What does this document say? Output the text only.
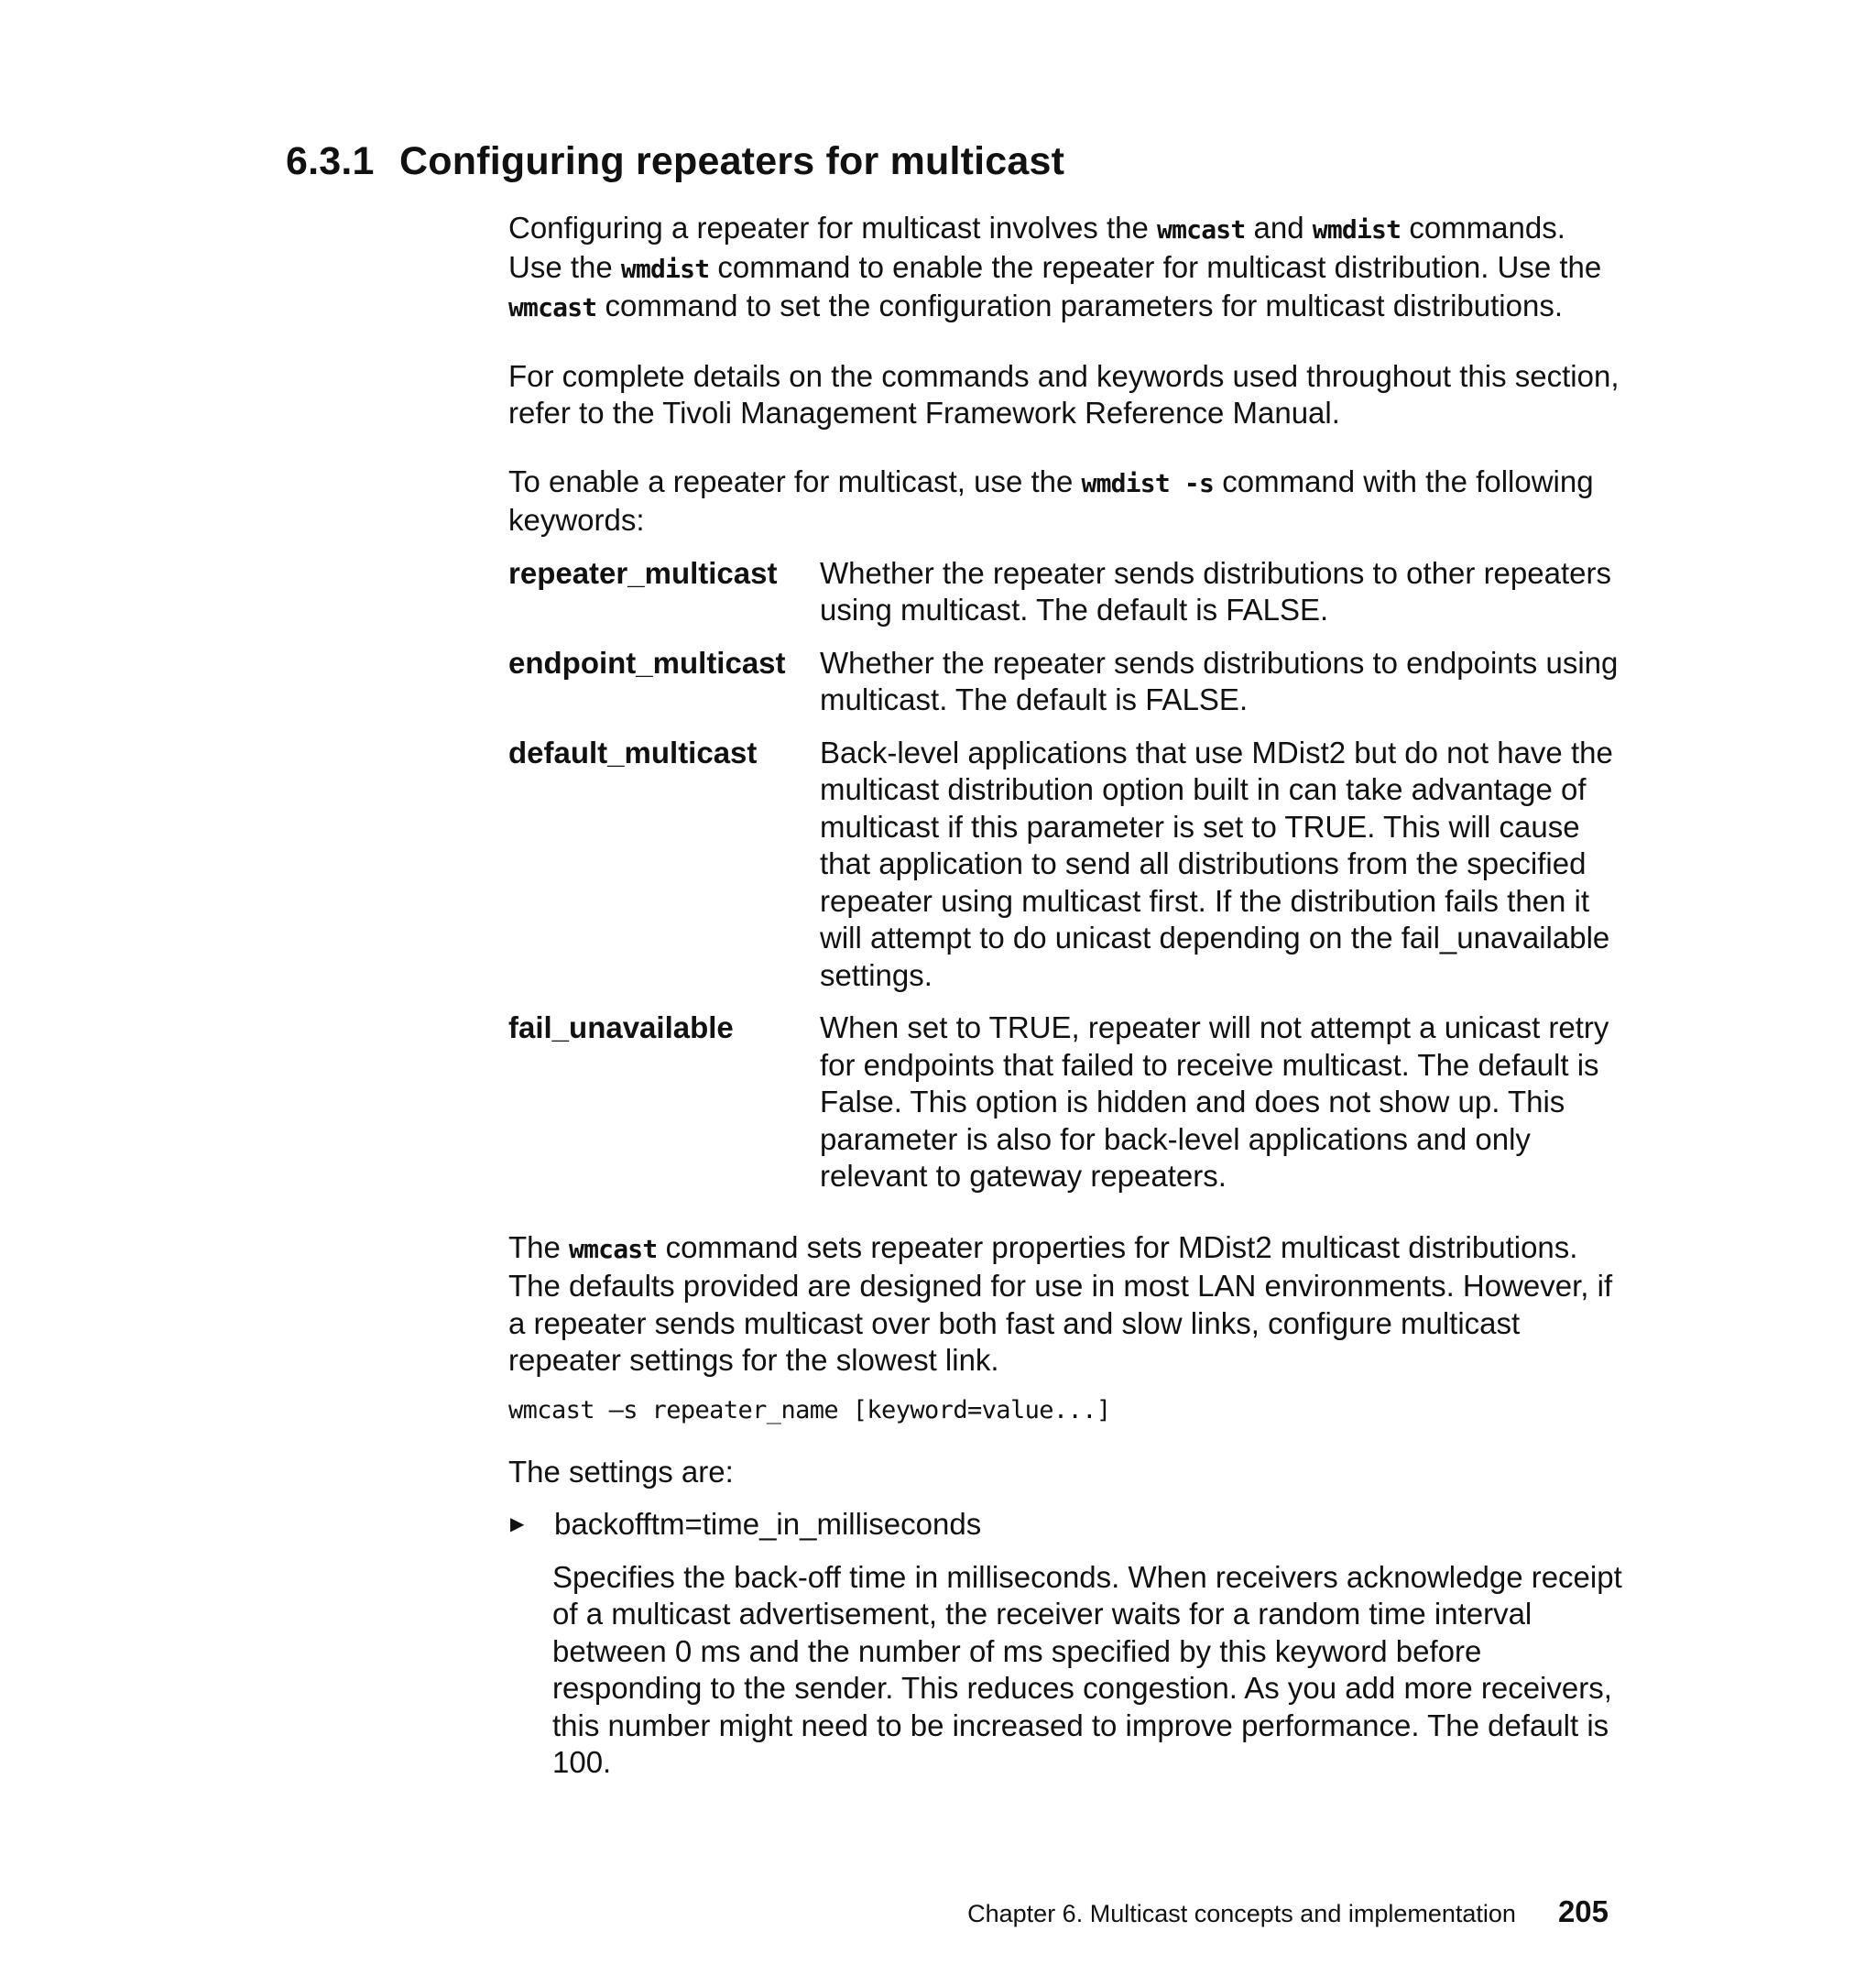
6.3.1 Configuring repeaters for multicast

Configuring a repeater for multicast involves the wmcast and wmdist commands. Use the wmdist command to enable the repeater for multicast distribution. Use the wmcast command to set the configuration parameters for multicast distributions.

For complete details on the commands and keywords used throughout this section, refer to the Tivoli Management Framework Reference Manual.

To enable a repeater for multicast, use the wmdist -s command with the following keywords:

repeater_multicast	Whether the repeater sends distributions to other repeaters using multicast. The default is FALSE.
endpoint_multicast	Whether the repeater sends distributions to endpoints using multicast. The default is FALSE.
default_multicast	Back-level applications that use MDist2 but do not have the multicast distribution option built in can take advantage of multicast if this parameter is set to TRUE. This will cause that application to send all distributions from the specified repeater using multicast first. If the distribution fails then it will attempt to do unicast depending on the fail_unavailable settings.
fail_unavailable	When set to TRUE, repeater will not attempt a unicast retry for endpoints that failed to receive multicast. The default is False. This option is hidden and does not show up. This parameter is also for back-level applications and only relevant to gateway repeaters.

The wmcast command sets repeater properties for MDist2 multicast distributions. The defaults provided are designed for use in most LAN environments. However, if a repeater sends multicast over both fast and slow links, configure multicast repeater settings for the slowest link.

wmcast –s repeater_name [keyword=value...]

The settings are:

▶ backofftm=time_in_milliseconds

Specifies the back-off time in milliseconds. When receivers acknowledge receipt of a multicast advertisement, the receiver waits for a random time interval between 0 ms and the number of ms specified by this keyword before responding to the sender. This reduces congestion. As you add more receivers, this number might need to be increased to improve performance. The default is 100.

Chapter 6. Multicast concepts and implementation 205
